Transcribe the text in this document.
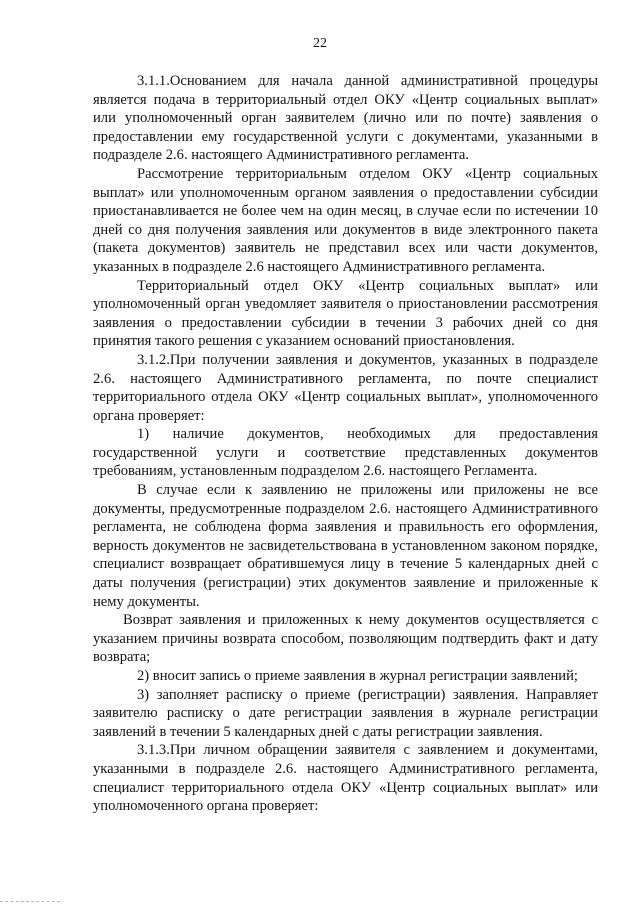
22

3.1.1.Основанием для начала данной административной процедуры является подача в территориальный отдел ОКУ «Центр социальных выплат» или уполномоченный орган заявителем (лично или по почте) заявления о предоставлении ему государственной услуги с документами, указанными в подразделе 2.6. настоящего Административного регламента.

Рассмотрение территориальным отделом ОКУ «Центр социальных выплат» или уполномоченным органом заявления о предоставлении субсидии приостанавливается не более чем на один месяц, в случае если по истечении 10 дней со дня получения заявления или документов в виде электронного пакета (пакета документов) заявитель не представил всех или части документов, указанных в подразделе 2.6 настоящего Административного регламента.

Территориальный отдел ОКУ «Центр социальных выплат» или уполномоченный орган уведомляет заявителя о приостановлении рассмотрения заявления о предоставлении субсидии в течении 3 рабочих дней со дня принятия такого решения с указанием оснований приостановления.

3.1.2.При получении заявления и документов, указанных в подразделе 2.6. настоящего Административного регламента, по почте специалист территориального отдела ОКУ «Центр социальных выплат», уполномоченного органа проверяет:

1) наличие документов, необходимых для предоставления государственной услуги и соответствие представленных документов требованиям, установленным подразделом 2.6. настоящего Регламента.

В случае если к заявлению не приложены или приложены не все документы, предусмотренные подразделом 2.6. настоящего Административного регламента, не соблюдена форма заявления и правильность его оформления, верность документов не засвидетельствована в установленном законом порядке, специалист возвращает обратившемуся лицу в течение 5 календарных дней с даты получения (регистрации) этих документов заявление и приложенные к нему документы.

Возврат заявления и приложенных к нему документов осуществляется с указанием причины возврата способом, позволяющим подтвердить факт и дату возврата;

2) вносит запись о приеме заявления в журнал регистрации заявлений;

3) заполняет расписку о приеме (регистрации) заявления. Направляет заявителю расписку о дате регистрации заявления в журнале регистрации заявлений в течении 5 календарных дней с даты регистрации заявления.

3.1.3.При личном обращении заявителя с заявлением и документами, указанными в подразделе 2.6. настоящего Административного регламента, специалист территориального отдела ОКУ «Центр социальных выплат» или уполномоченного органа проверяет:
